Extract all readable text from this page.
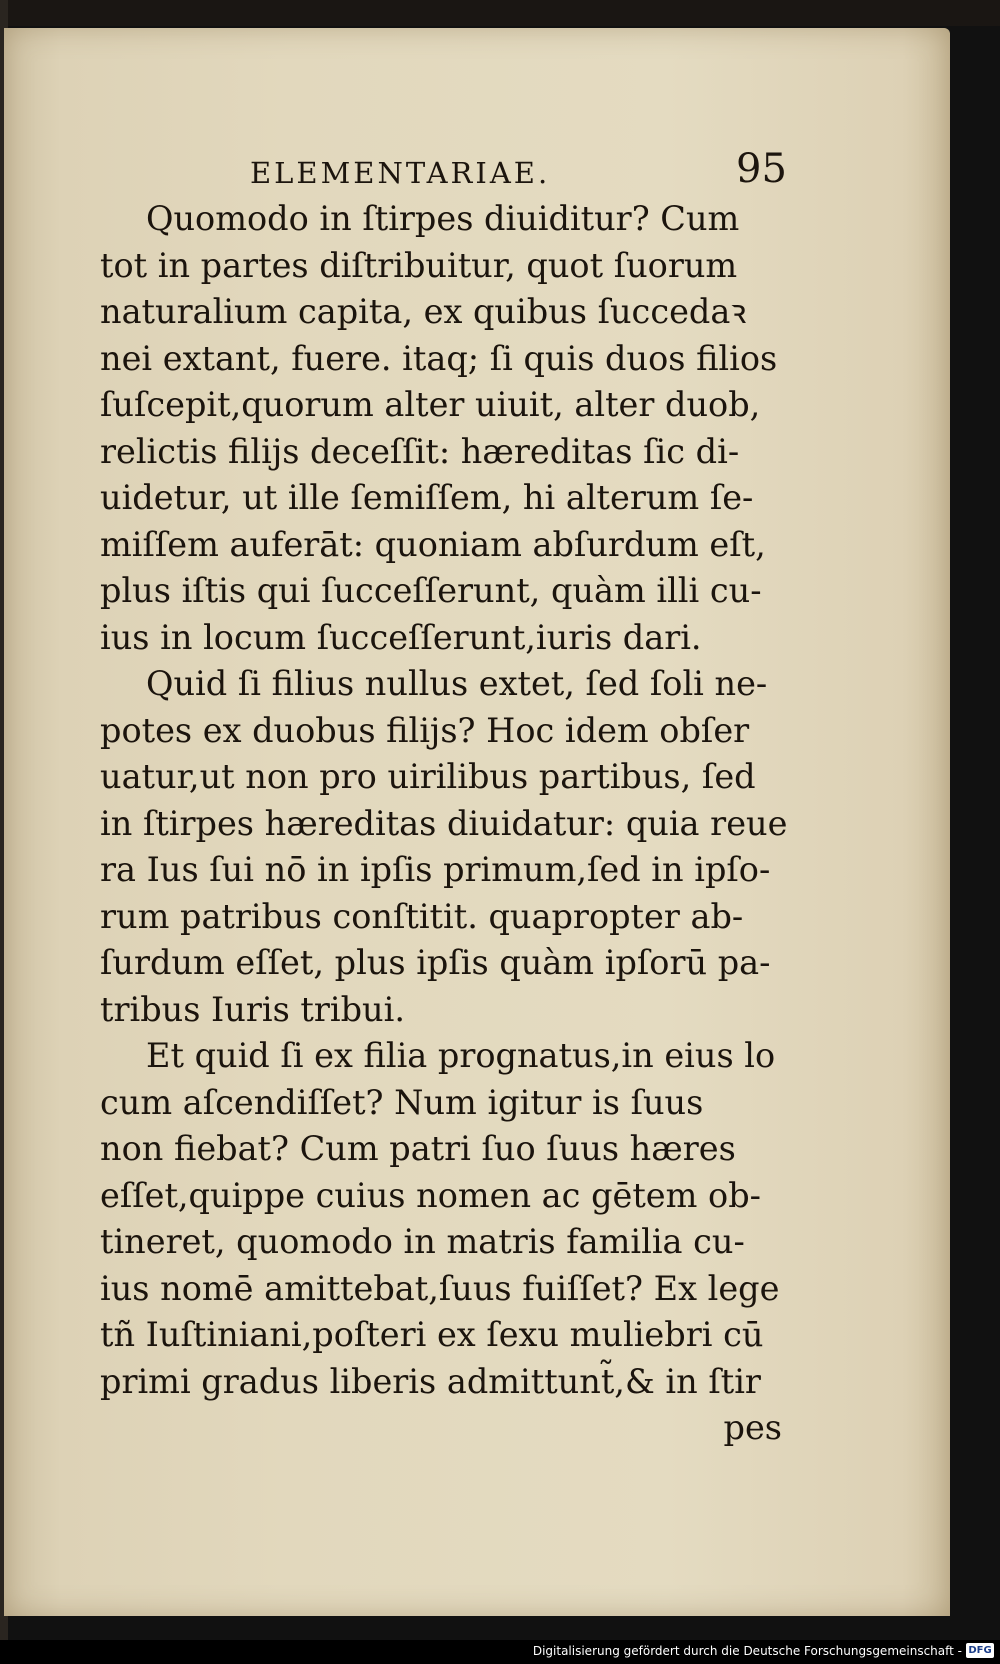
ELEMENTARIAE.	95

Quomodo in ſtirpes diuiditur? Cum
tot in partes diſtribuitur, quot ſuorum
naturalium capita, ex quibus ſuccedaꝛ
nei extant, fuere. itaq; ſi quis duos filios
ſuſcepit,quorum alter uiuit, alter duob,
relictis filijs deceſſit: hæreditas ſic di-
uidetur, ut ille ſemiſſem, hi alterum ſe-
miſſem auferāt: quoniam abſurdum eſt,
plus iſtis qui ſucceſſerunt, quàm illi cu-
ius in locum ſucceſſerunt,iuris dari.

Quid ſi filius nullus extet, ſed ſoli ne-
potes ex duobus filijs? Hoc idem obſer
uatur,ut non pro uirilibus partibus, ſed
in ſtirpes hæreditas diuidatur: quia reue
ra Ius ſui nō in ipſis primum,ſed in ipſo-
rum patribus conſtitit. quapropter ab-
ſurdum eſſet, plus ipſis quàm ipſorū pa-
tribus Iuris tribui.

Et quid ſi ex filia prognatus,in eius lo
cum aſcendiſſet? Num igitur is ſuus
non fiebat? Cum patri ſuo ſuus hæres
eſſet,quippe cuius nomen ac gētem ob-
tineret, quomodo in matris familia cu-
ius nomē amittebat,ſuus fuiſſet? Ex lege
tñ Iuſtiniani,poſteri ex ſexu muliebri cū
primi gradus liberis admittunt̃,& in ſtir
pes

Digitalisierung gefördert durch die Deutsche Forschungsgemeinschaft - DFG
